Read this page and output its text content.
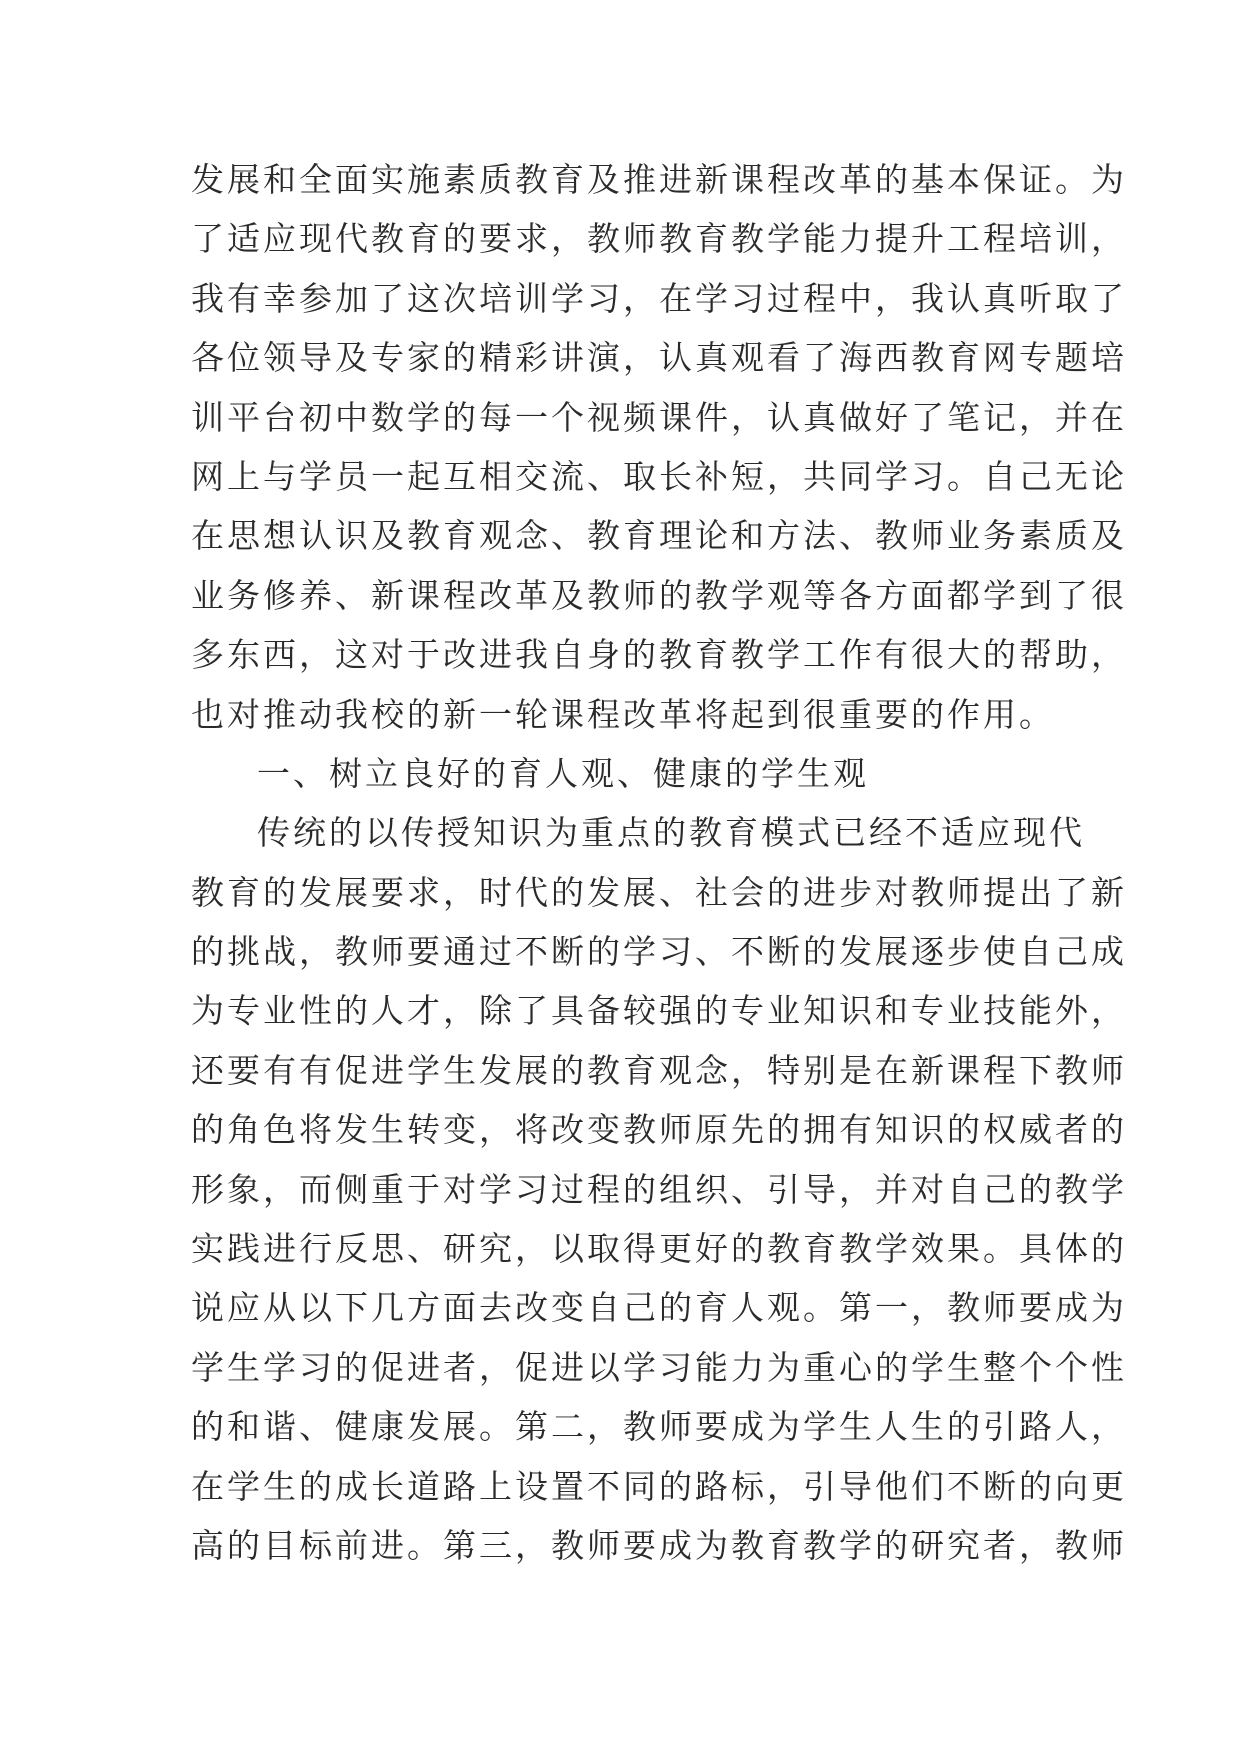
发展和全面实施素质教育及推进新课程改革的基本保证。为
了适应现代教育的要求，教师教育教学能力提升工程培训，
我有幸参加了这次培训学习，在学习过程中，我认真听取了
各位领导及专家的精彩讲演，认真观看了海西教育网专题培
训平台初中数学的每一个视频课件，认真做好了笔记，并在
网上与学员一起互相交流、取长补短，共同学习。自己无论
在思想认识及教育观念、教育理论和方法、教师业务素质及
业务修养、新课程改革及教师的教学观等各方面都学到了很
多东西，这对于改进我自身的教育教学工作有很大的帮助，
也对推动我校的新一轮课程改革将起到很重要的作用。
一、树立良好的育人观、健康的学生观
传统的以传授知识为重点的教育模式已经不适应现代
教育的发展要求，时代的发展、社会的进步对教师提出了新
的挑战，教师要通过不断的学习、不断的发展逐步使自己成
为专业性的人才，除了具备较强的专业知识和专业技能外，
还要有有促进学生发展的教育观念，特别是在新课程下教师
的角色将发生转变，将改变教师原先的拥有知识的权威者的
形象，而侧重于对学习过程的组织、引导，并对自己的教学
实践进行反思、研究，以取得更好的教育教学效果。具体的
说应从以下几方面去改变自己的育人观。第一，教师要成为
学生学习的促进者，促进以学习能力为重心的学生整个个性
的和谐、健康发展。第二，教师要成为学生人生的引路人，
在学生的成长道路上设置不同的路标，引导他们不断的向更
高的目标前进。第三，教师要成为教育教学的研究者，教师
